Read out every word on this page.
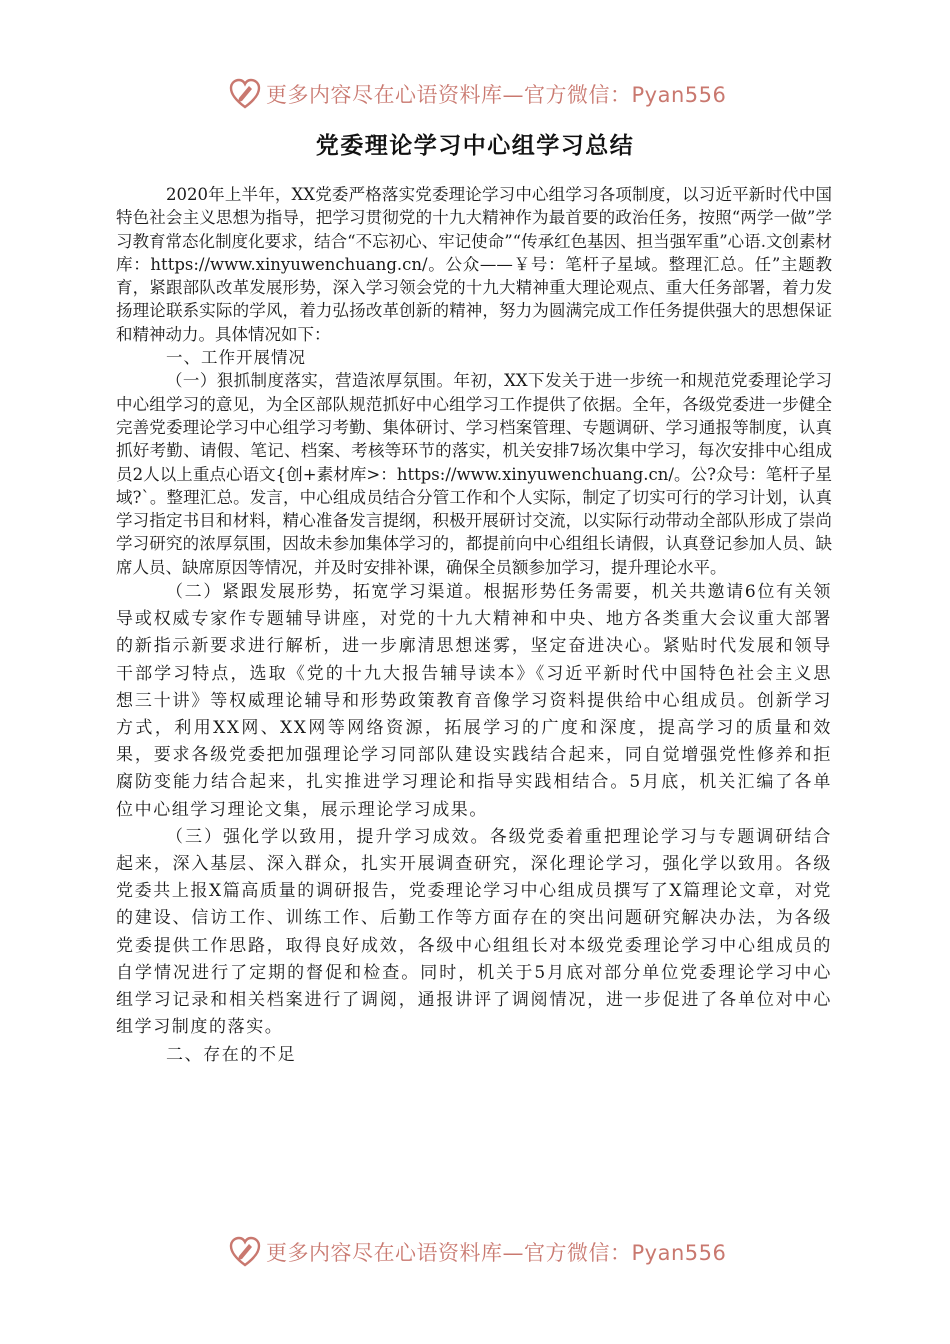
更多内容尽在心语资料库—官方微信：Pyan556
党委理论学习中心组学习总结

2020年上半年，XX党委严格落实党委理论学习中心组学习各项制度，以习近平新时代中国特色社会主义思想为指导，把学习贯彻党的十九大精神作为最首要的政治任务，按照“两学一做”学习教育常态化制度化要求，结合“不忘初心、牢记使命”“传承红色基因、担当强军重”心语.文创素材库：https://www.xinyuwenchuang.cn/。公众——￥号：笔杆子星域。整理汇总。任”主题教育，紧跟部队改革发展形势，深入学习领会党的十九大精神重大理论观点、重大任务部署，着力发扬理论联系实际的学风，着力弘扬改革创新的精神，努力为圆满完成工作任务提供强大的思想保证和精神动力。具体情况如下：

一、工作开展情况

（一）狠抓制度落实，营造浓厚氛围。年初，XX下发关于进一步统一和规范党委理论学习中心组学习的意见，为全区部队规范抓好中心组学习工作提供了依据。全年，各级党委进一步健全完善党委理论学习中心组学习考勤、集体研讨、学习档案管理、专题调研、学习通报等制度，认真抓好考勤、请假、笔记、档案、考核等环节的落实，机关安排7场次集中学习，每次安排中心组成员2人以上重点心语文{创+素材库>：https://www.xinyuwenchuang.cn/。公?众号：笔杆子星域?`。整理汇总。发言，中心组成员结合分管工作和个人实际，制定了切实可行的学习计划，认真学习指定书目和材料，精心准备发言提纲，积极开展研讨交流，以实际行动带动全部队形成了崇尚学习研究的浓厚氛围，因故未参加集体学习的，都提前向中心组组长请假，认真登记参加人员、缺席人员、缺席原因等情况，并及时安排补课，确保全员额参加学习，提升理论水平。

（二）紧跟发展形势，拓宽学习渠道。根据形势任务需要，机关共邀请6位有关领导或权威专家作专题辅导讲座，对党的十九大精神和中央、地方各类重大会议重大部署的新指示新要求进行解析，进一步廓清思想迷雾，坚定奋进决心。紧贴时代发展和领导干部学习特点，选取《党的十九大报告辅导读本》《习近平新时代中国特色社会主义思想三十讲》等权威理论辅导和形势政策教育音像学习资料提供给中心组成员。创新学习方式，利用XX网、XX网等网络资源，拓展学习的广度和深度，提高学习的质量和效果，要求各级党委把加强理论学习同部队建设实践结合起来，同自觉增强党性修养和拒腐防变能力结合起来，扎实推进学习理论和指导实践相结合。5月底，机关汇编了各单位中心组学习理论文集，展示理论学习成果。

（三）强化学以致用，提升学习成效。各级党委着重把理论学习与专题调研结合起来，深入基层、深入群众，扎实开展调查研究，深化理论学习，强化学以致用。各级党委共上报X篇高质量的调研报告，党委理论学习中心组成员撰写了X篇理论文章，对党的建设、信访工作、训练工作、后勤工作等方面存在的突出问题研究解决办法，为各级党委提供工作思路，取得良好成效，各级中心组组长对本级党委理论学习中心组成员的自学情况进行了定期的督促和检查。同时，机关于5月底对部分单位党委理论学习中心组学习记录和相关档案进行了调阅，通报讲评了调阅情况，进一步促进了各单位对中心组学习制度的落实。

二、存在的不足

更多内容尽在心语资料库—官方微信：Pyan556
